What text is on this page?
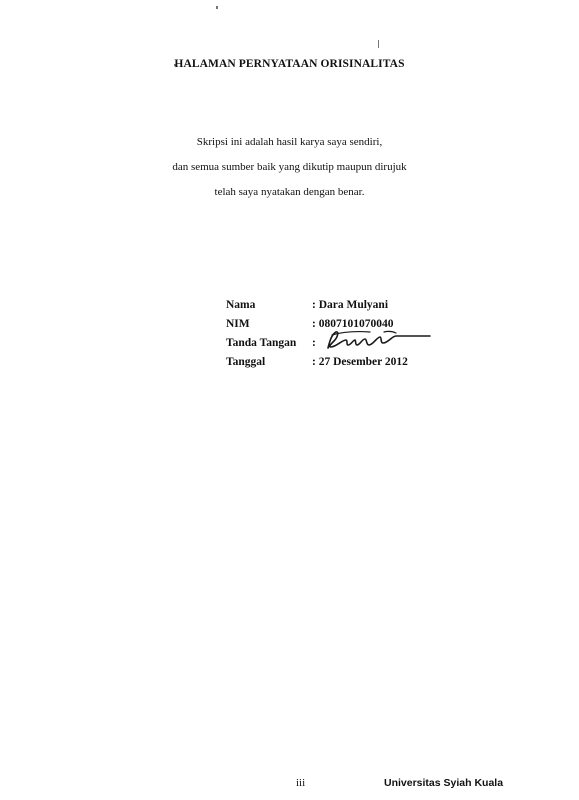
HALAMAN PERNYATAAN ORISINALITAS
Skripsi ini adalah hasil karya saya sendiri,
dan semua sumber baik yang dikutip maupun dirujuk
telah saya nyatakan dengan benar.
Nama	: Dara Mulyani
NIM	: 0807101070040
Tanda Tangan :
Tanggal	: 27 Desember 2012
iii	Universitas Syiah Kuala
